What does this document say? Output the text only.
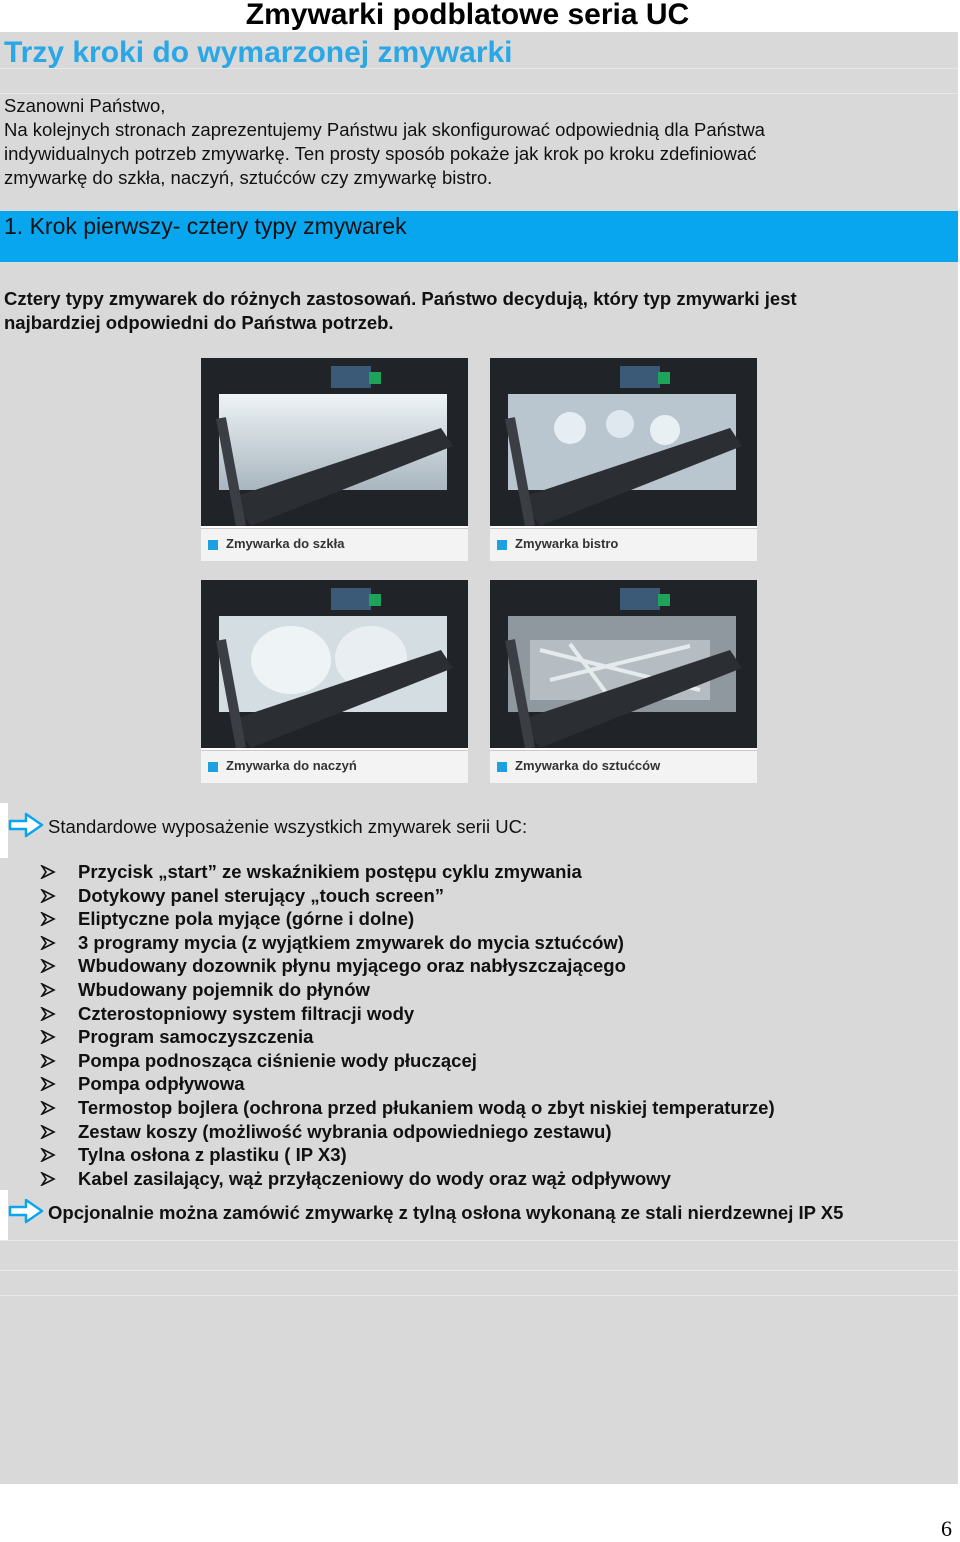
Zmywarki podblatowe seria UC
Trzy kroki do wymarzonej zmywarki
Szanowni Państwo,
Na kolejnych stronach zaprezentujemy Państwu jak skonfigurować odpowiednią dla Państwa
indywidualnych potrzeb zmywarkę. Ten prosty sposób pokaże jak krok po kroku zdefiniować
zmywarkę do szkła, naczyń, sztućców czy zmywarkę bistro.
1. Krok pierwszy- cztery typy zmywarek
Cztery typy zmywarek do różnych zastosowań. Państwo decydują, który typ zmywarki jest
najbardziej odpowiedni do Państwa potrzeb.
Zmywarka do szkła	Zmywarka bistro
Zmywarka do naczyń	Zmywarka do sztućców
Standardowe wyposażenie wszystkich zmywarek serii UC:
Przycisk „start” ze wskaźnikiem postępu cyklu zmywania
Dotykowy panel sterujący „touch screen”
Eliptyczne pola myjące (górne i dolne)
3 programy mycia (z wyjątkiem zmywarek do mycia sztućców)
Wbudowany dozownik płynu myjącego oraz nabłyszczającego
Wbudowany pojemnik do płynów
Czterostopniowy system filtracji wody
Program samoczyszczenia
Pompa podnosząca ciśnienie wody płuczącej
Pompa odpływowa
Termostop bojlera (ochrona przed płukaniem wodą o zbyt niskiej temperaturze)
Zestaw koszy (możliwość wybrania odpowiedniego zestawu)
Tylna osłona z plastiku ( IP X3)
Kabel zasilający, wąż przyłączeniowy do wody oraz wąż odpływowy
Opcjonalnie można zamówić zmywarkę z tylną osłona wykonaną ze stali nierdzewnej IP X5
6
